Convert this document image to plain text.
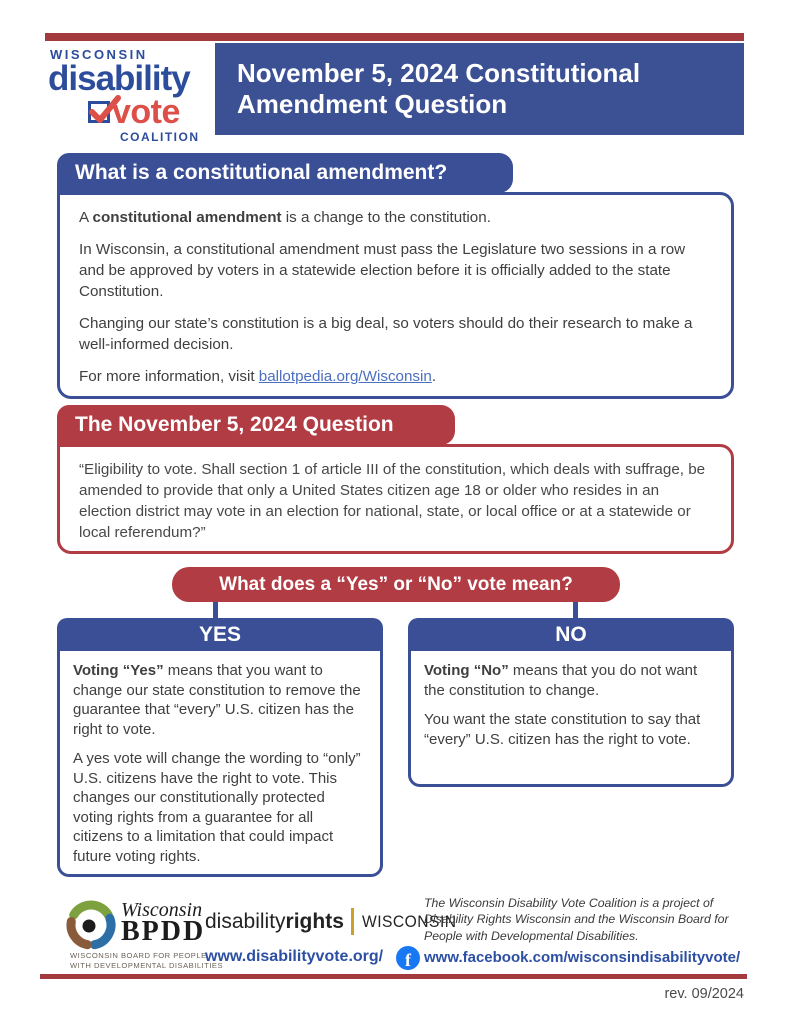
WISCONSIN
disability
vote
COALITION
November 5, 2024 Constitutional
Amendment Question
What is a constitutional amendment?

A constitutional amendment is a change to the constitution.

In Wisconsin, a constitutional amendment must pass the Legislature two sessions in a row and be approved by voters in a statewide election before it is officially added to the state Constitution.

Changing our state’s constitution is a big deal, so voters should do their research to make a well-informed decision.

For more information, visit ballotpedia.org/Wisconsin.

The November 5, 2024 Question

“Eligibility to vote. Shall section 1 of article III of the constitution, which deals with suffrage, be amended to provide that only a United States citizen age 18 or older who resides in an election district may vote in an election for national, state, or local office or at a statewide or local referendum?”

What does a “Yes” or “No” vote mean?
YES

Voting “Yes” means that you want to change our state constitution to remove the guarantee that “every” U.S. citizen has the right to vote.

A yes vote will change the wording to “only” U.S. citizens have the right to vote. This changes our constitutionally protected voting rights from a guarantee for all citizens to a limitation that could impact future voting rights.

NO

Voting “No” means that you do not want the constitution to change.

You want the state constitution to say that “every” U.S. citizen has the right to vote.

Wisconsin
BPDD
WISCONSIN BOARD FOR PEOPLE
WITH DEVELOPMENTAL DISABILITIES
disability rights WISCONSIN
www.disabilityvote.org/ f
The Wisconsin Disability Vote Coalition is a project of Disability Rights Wisconsin and the Wisconsin Board for People with Developmental Disabilities.
www.facebook.com/wisconsindisabilityvote/
rev. 09/2024
